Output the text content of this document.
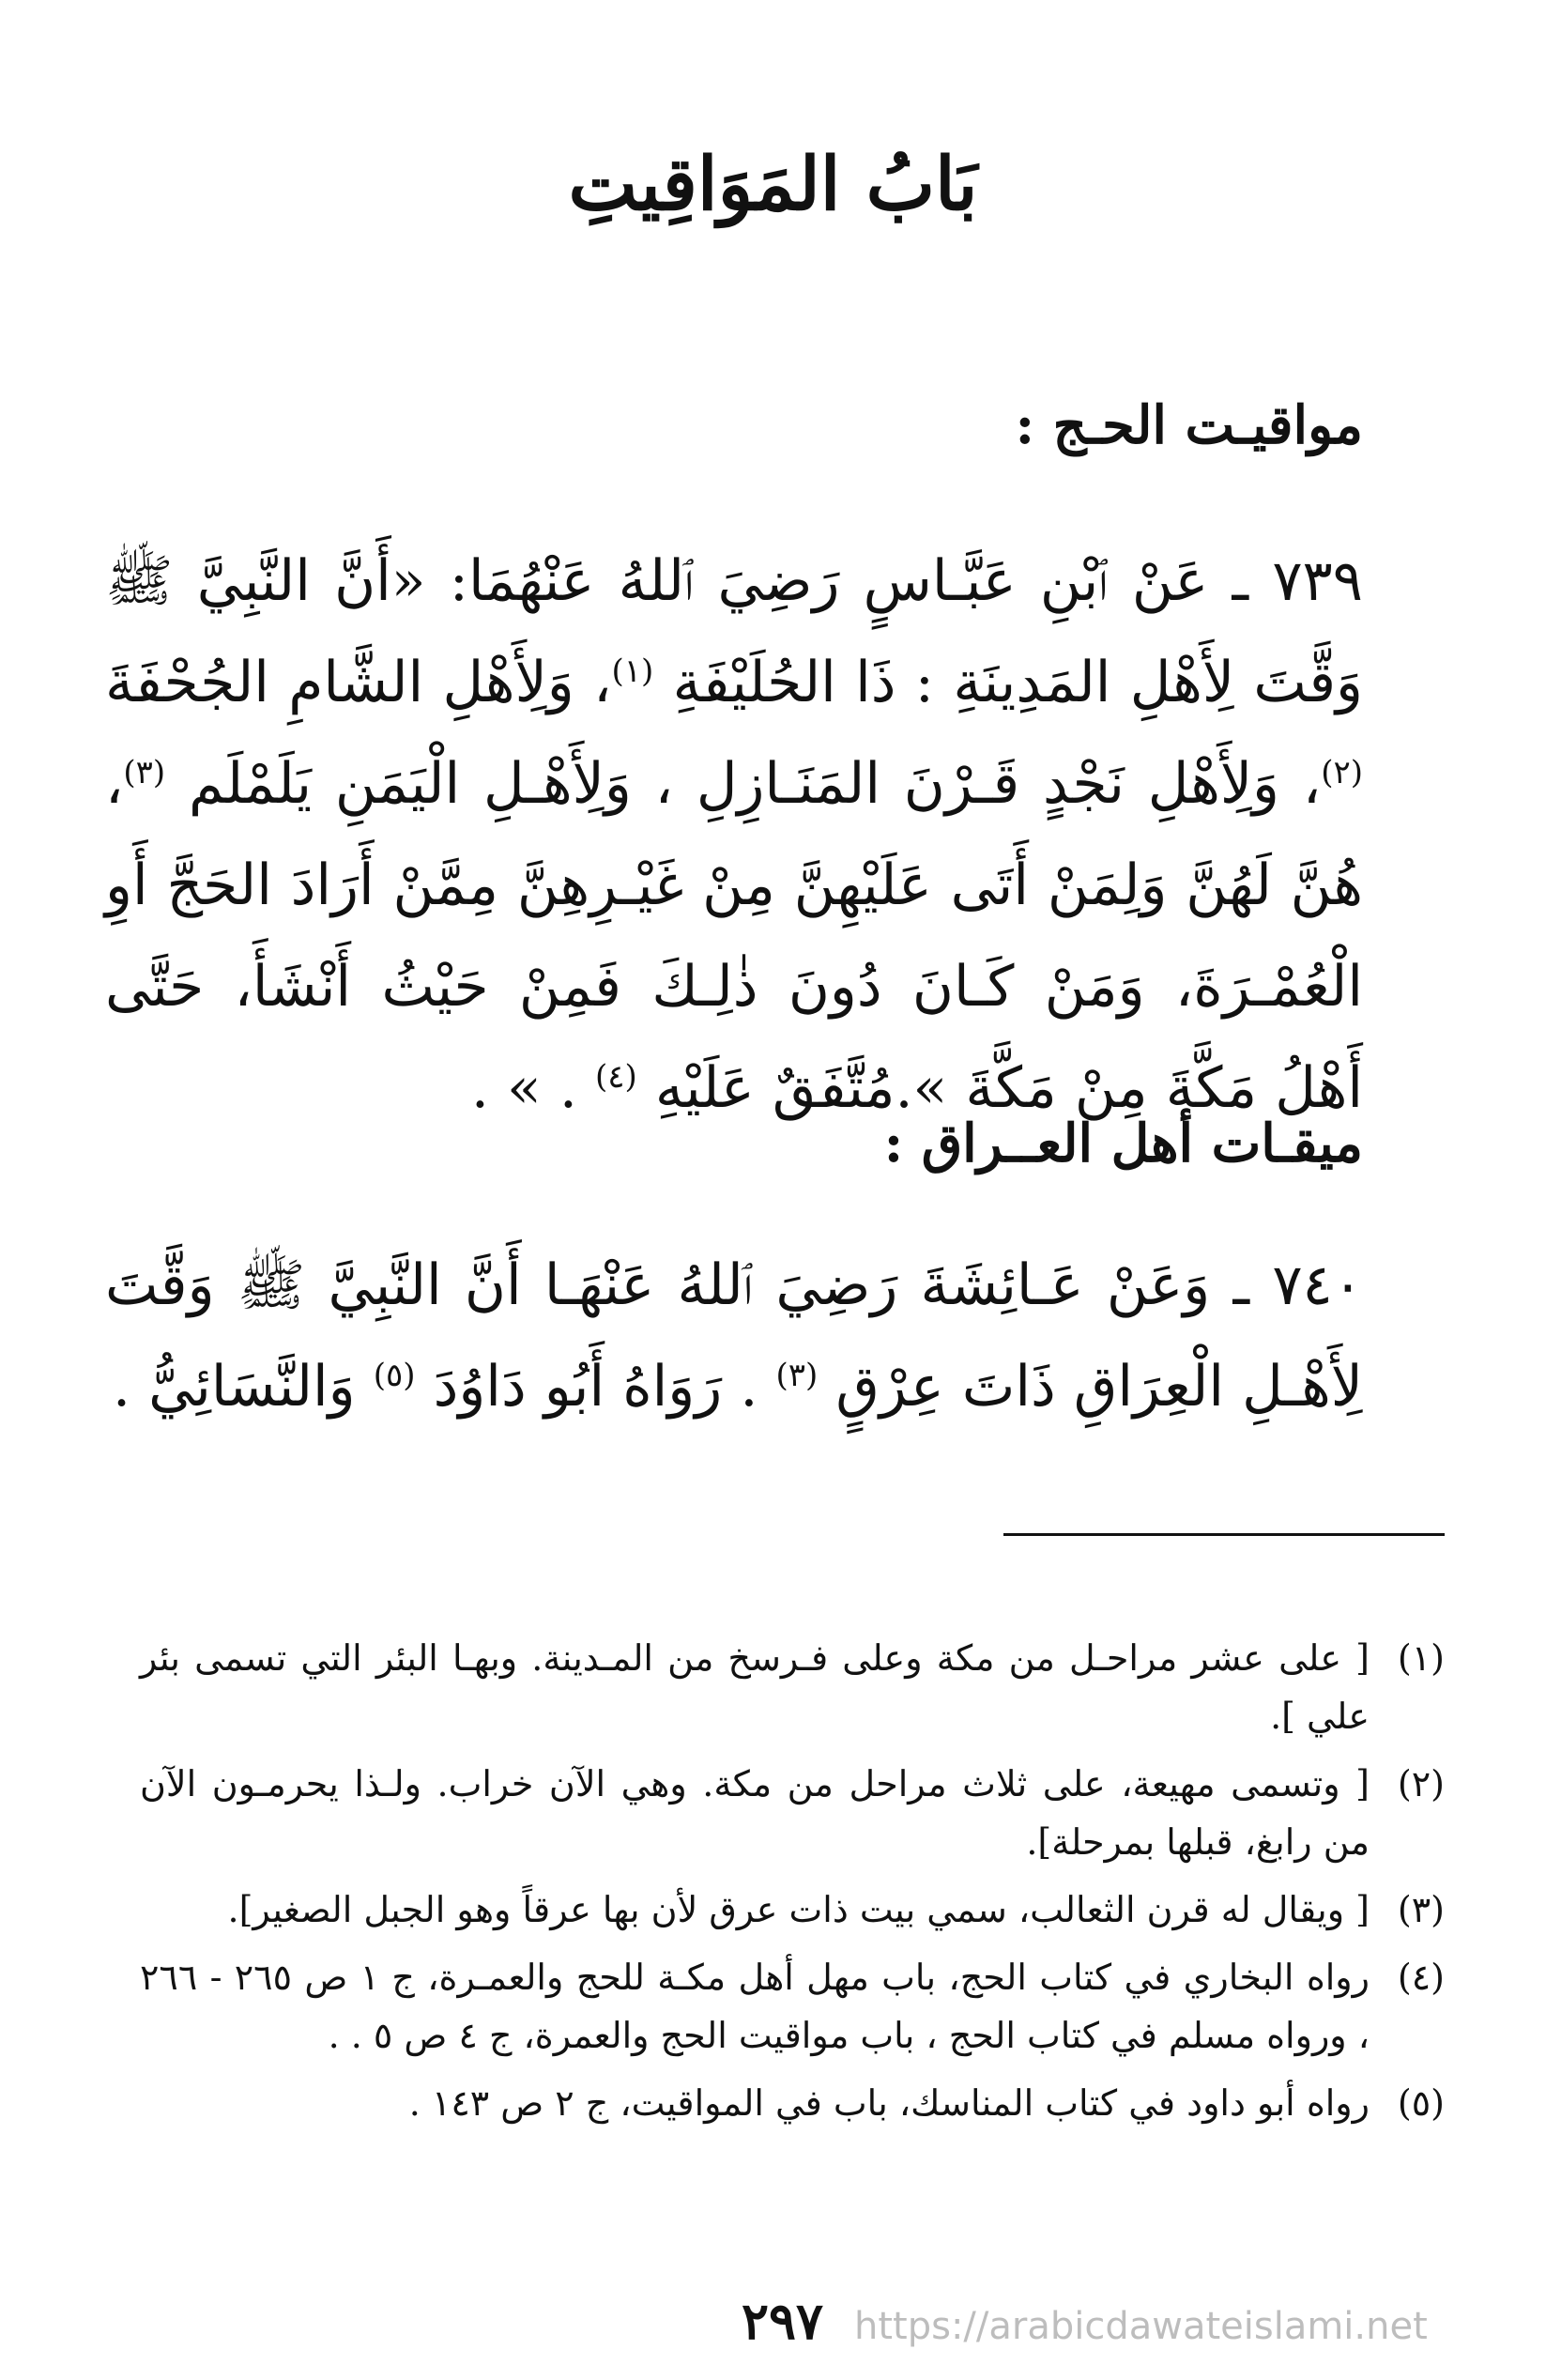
بَابُ المَوَاقِيتِ
مواقيـت الحـج :
٧٣٩ ـ عَنْ ٱبْنِ عَبَّـاسٍ رَضِيَ ٱللهُ عَنْهُمَا: «أَنَّ النَّبِيَّ ﷺ وَقَّتَ لِأَهْلِ المَدِينَةِ : ذَا الحُلَيْفَةِ $^{(١)}$، وَلِأَهْلِ الشَّامِ الجُحْفَةَ $^{(٢)}$، وَلِأَهْلِ نَجْدٍ قَـرْنَ المَنَـازِلِ ، وَلِأَهْـلِ الْيَمَنِ يَلَمْلَم $^{(٣)}$، هُنَّ لَهُنَّ وَلِمَنْ أَتَى عَلَيْهِنَّ مِنْ غَيْـرِهِنَّ مِمَّنْ أَرَادَ الحَجَّ أَوِ الْعُمْـرَةَ، وَمَنْ كَـانَ دُونَ ذٰلِـكَ فَمِنْ حَيْثُ أَنْشَأَ، حَتَّى أَهْلُ مَكَّةَ مِنْ مَكَّةَ ».مُتَّفَقٌ عَلَيْهِ $^{(٤)}$ . » .
ميقـات أهل العــراق :
٧٤٠ ـ وَعَنْ عَـائِشَةَ رَضِيَ ٱللهُ عَنْهَـا أَنَّ النَّبِيَّ ﷺ وَقَّتَ لِأَهْـلِ الْعِرَاقِ ذَاتَ عِرْقٍ $^{(٣)}$ . رَوَاهُ أَبُو دَاوُدَ $^{(٥)}$ وَالنَّسَائِيُّ .
(١)
[ على عشر مراحـل من مكة وعلى فـرسخ من المـدينة. وبهـا البئر التي تسمى بئر علي ].
(٢)
[ وتسمى مهيعة، على ثلاث مراحل من مكة. وهي الآن خراب. ولـذا يحرمـون الآن من رابغ، قبلها بمرحلة].
(٣)
[ ويقال له قرن الثعالب، سمي بيت ذات عرق لأن بها عرقاً وهو الجبل الصغير].
(٤)
رواه البخاري في كتاب الحج، باب مهل أهل مكـة للحج والعمـرة، ج ١ ص ٢٦٥ - ٢٦٦ ، ورواه مسلم في كتاب الحج ، باب مواقيت الحج والعمرة، ج ٤ ص ٥ . .
(٥)
رواه أبو داود في كتاب المناسك، باب في المواقيت، ج ٢ ص ١٤٣ .
٢٩٧ https://arabicdawateislami.net
